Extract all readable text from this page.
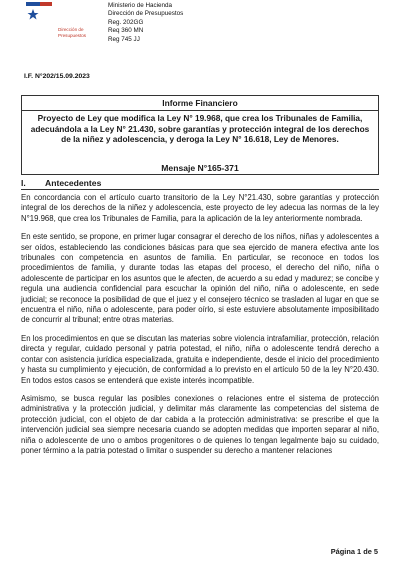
Dirección de
Presupuestos
Ministerio de Hacienda
Dirección de Presupuestos
Reg. 202GG
Req 360 MN
Reg 745 JJ
I.F. N°202/15.09.2023
Informe Financiero
Proyecto de Ley que modifica la Ley N° 19.968, que crea los Tribunales de Familia, adecuándola a la Ley N° 21.430, sobre garantías y protección integral de los derechos de la niñez y adolescencia, y deroga la Ley N° 16.618, Ley de Menores.
Mensaje N°165-371
I. Antecedentes

En concordancia con el artículo cuarto transitorio de la Ley N°21.430, sobre garantías y protección integral de los derechos de la niñez y adolescencia, este proyecto de ley adecua las normas de la ley N°19.968, que crea los Tribunales de Familia, para la aplicación de la ley anteriormente nombrada.

En este sentido, se propone, en primer lugar consagrar el derecho de los niños, niñas y adolescentes a ser oídos, estableciendo las condiciones básicas para que sea ejercido de manera efectiva ante los tribunales con competencia en asuntos de familia. En particular, se reconoce en todos los procedimientos de familia, y durante todas las etapas del proceso, el derecho del niño, niña o adolescente de participar en los asuntos que le afecten, de acuerdo a su edad y madurez; se concibe y regula una audiencia confidencial para escuchar la opinión del niño, niña o adolescente, en sede judicial; se reconoce la posibilidad de que el juez y el consejero técnico se trasladen al lugar en que se encuentra el niño, niña o adolescente, para poder oírlo, si este estuviere absolutamente imposibilitado de concurrir al tribunal; entre otras materias.

En los procedimientos en que se discutan las materias sobre violencia intrafamiliar, protección, relación directa y regular, cuidado personal y patria potestad, el niño, niña o adolescente tendrá derecho a contar con asistencia jurídica especializada, gratuita e independiente, desde el inicio del procedimiento y hasta su cumplimiento y ejecución, de conformidad a lo previsto en el artículo 50 de la ley N°20.430. En todos estos casos se entenderá que existe interés incompatible.

Asimismo, se busca regular las posibles conexiones o relaciones entre el sistema de protección administrativa y la protección judicial, y delimitar más claramente las competencias del sistema de protección judicial, con el objeto de dar cabida a la protección administrativa: se prescribe el que la intervención judicial sea siempre necesaria cuando se adopten medidas que importen separar al niño, niña o adolescente de uno o ambos progenitores o de quienes lo tengan legalmente bajo su cuidado, poner término a la patria potestad o limitar o suspender su derecho a mantener relaciones

Página 1 de 5
